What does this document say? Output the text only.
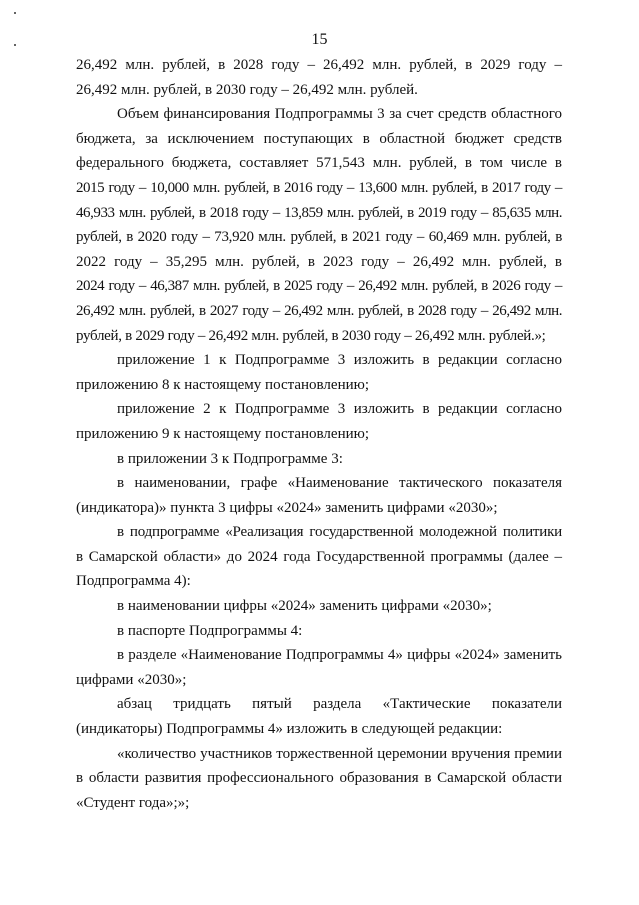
15

26,492 млн. рублей, в 2028 году – 26,492 млн. рублей, в 2029 году –
26,492 млн. рублей, в 2030 году – 26,492 млн. рублей.

Объем финансирования Подпрограммы 3 за счет средств областного
бюджета, за исключением поступающих в областной бюджет средств
федерального бюджета, составляет 571,543 млн. рублей, в том числе в
2015 году – 10,000 млн. рублей, в 2016 году – 13,600 млн. рублей, в 2017 году –
46,933 млн. рублей, в 2018 году – 13,859 млн. рублей, в 2019 году – 85,635 млн.
рублей, в 2020 году – 73,920 млн. рублей, в 2021 году – 60,469 млн. рублей, в
2022 году – 35,295 млн. рублей, в 2023 году – 26,492 млн. рублей, в
2024 году – 46,387 млн. рублей, в 2025 году – 26,492 млн. рублей, в 2026 году –
26,492 млн. рублей, в 2027 году – 26,492 млн. рублей, в 2028 году – 26,492 млн.
рублей, в 2029 году – 26,492 млн. рублей, в 2030 году – 26,492 млн. рублей.»;

приложение 1 к Подпрограмме 3 изложить в редакции согласно
приложению 8 к настоящему постановлению;

приложение 2 к Подпрограмме 3 изложить в редакции согласно
приложению 9 к настоящему постановлению;

в приложении 3 к Подпрограмме 3:

в наименовании, графе «Наименование тактического показателя
(индикатора)» пункта 3 цифры «2024» заменить цифрами «2030»;

в подпрограмме «Реализация государственной молодежной политики
в Самарской области» до 2024 года Государственной программы (далее –
Подпрограмма 4):

в наименовании цифры «2024» заменить цифрами «2030»;

в паспорте Подпрограммы 4:

в разделе «Наименование Подпрограммы 4» цифры «2024» заменить
цифрами «2030»;

абзац тридцать пятый раздела «Тактические показатели
(индикаторы) Подпрограммы 4» изложить в следующей редакции:

«количество участников торжественной церемонии вручения премии
в области развития профессионального образования в Самарской области
«Студент года»;»;
